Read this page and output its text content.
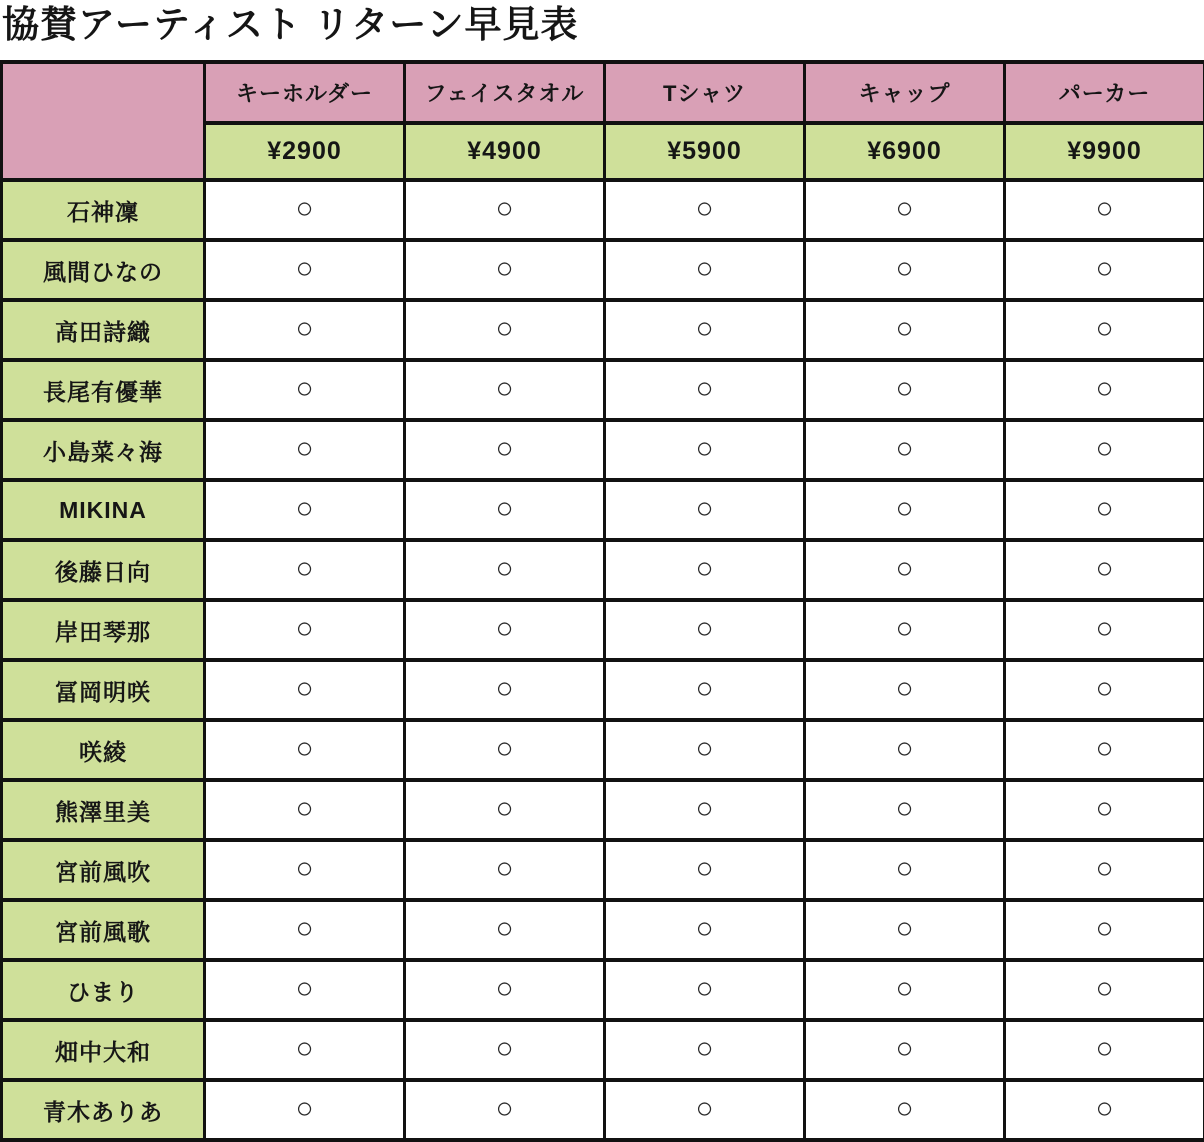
協賛アーティスト リターン早見表
	キーホルダー	フェイスタオル	Tシャツ	キャップ	パーカー
	¥2900	¥4900	¥5900	¥6900	¥9900
石神凜	○	○	○	○	○
風間ひなの	○	○	○	○	○
高田詩織	○	○	○	○	○
長尾有優華	○	○	○	○	○
小島菜々海	○	○	○	○	○
MIKINA	○	○	○	○	○
後藤日向	○	○	○	○	○
岸田琴那	○	○	○	○	○
冨岡明咲	○	○	○	○	○
咲綾	○	○	○	○	○
熊澤里美	○	○	○	○	○
宮前風吹	○	○	○	○	○
宮前風歌	○	○	○	○	○
ひまり	○	○	○	○	○
畑中大和	○	○	○	○	○
青木ありあ	○	○	○	○	○
